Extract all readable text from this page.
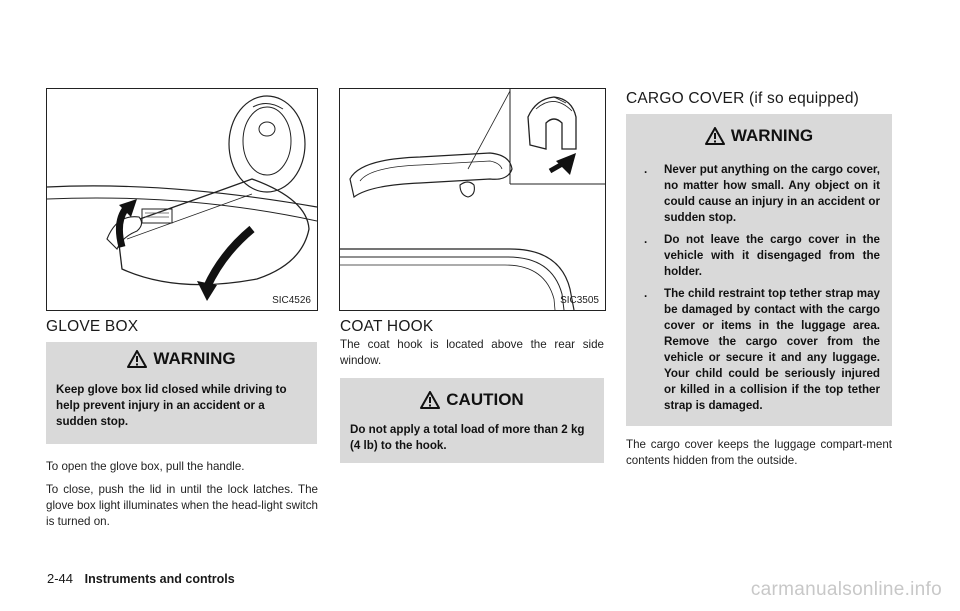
SIC4526
GLOVE BOX
WARNING
Keep glove box lid closed while driving to help prevent injury in an accident or a sudden stop.
To open the glove box, pull the handle.
To close, push the lid in until the lock latches. The glove box light illuminates when the head-light switch is turned on.
SIC3505
COAT HOOK
The coat hook is located above the rear side window.
CAUTION
Do not apply a total load of more than 2 kg (4 lb) to the hook.
CARGO COVER (if so equipped)
WARNING
. Never put anything on the cargo cover, no matter how small. Any object on it could cause an injury in an accident or sudden stop.
. Do not leave the cargo cover in the vehicle with it disengaged from the holder.
. The child restraint top tether strap may be damaged by contact with the cargo cover or items in the luggage area. Remove the cargo cover from the vehicle or secure it and any luggage. Your child could be seriously injured or killed in a collision if the top tether strap is damaged.
The cargo cover keeps the luggage compart-ment contents hidden from the outside.
2-44 Instruments and controls	carmanualsonline.info
